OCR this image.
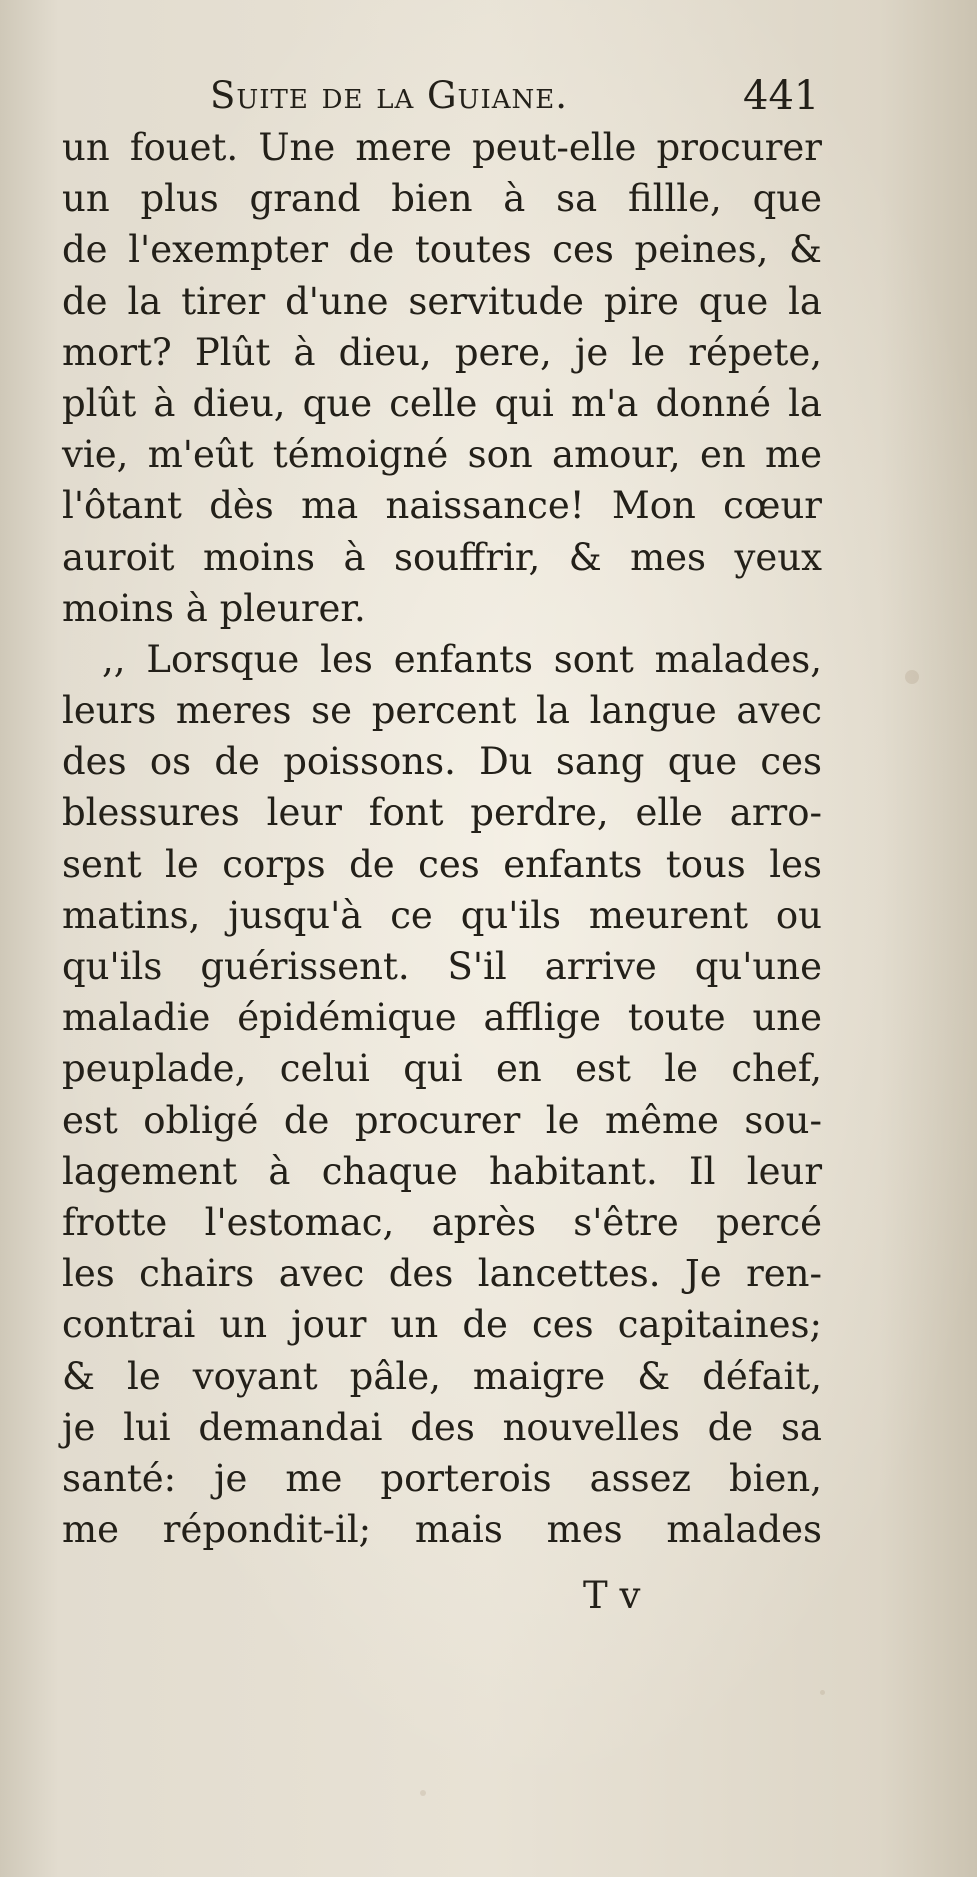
Suite de la Guiane.	441
un fouet. Une mere peut-elle procurer
un plus grand bien à sa fillle, que
de l'exempter de toutes ces peines, &
de la tirer d'une servitude pire que la
mort? Plût à dieu, pere, je le répete,
plût à dieu, que celle qui m'a donné la
vie, m'eût témoigné son amour, en me
l'ôtant dès ma naissance! Mon cœur
auroit moins à souffrir, & mes yeux
moins à pleurer.
,, Lorsque les enfants sont malades,
leurs meres se percent la langue avec
des os de poissons. Du sang que ces
blessures leur font perdre, elle arro-
sent le corps de ces enfants tous les
matins, jusqu'à ce qu'ils meurent ou
qu'ils guérissent. S'il arrive qu'une
maladie épidémique afflige toute une
peuplade, celui qui en est le chef,
est obligé de procurer le même sou-
lagement à chaque habitant. Il leur
frotte l'estomac, après s'être percé
les chairs avec des lancettes. Je ren-
contrai un jour un de ces capitaines;
& le voyant pâle, maigre & défait,
je lui demandai des nouvelles de sa
santé: je me porterois assez bien,
me répondit-il; mais mes malades
T v
